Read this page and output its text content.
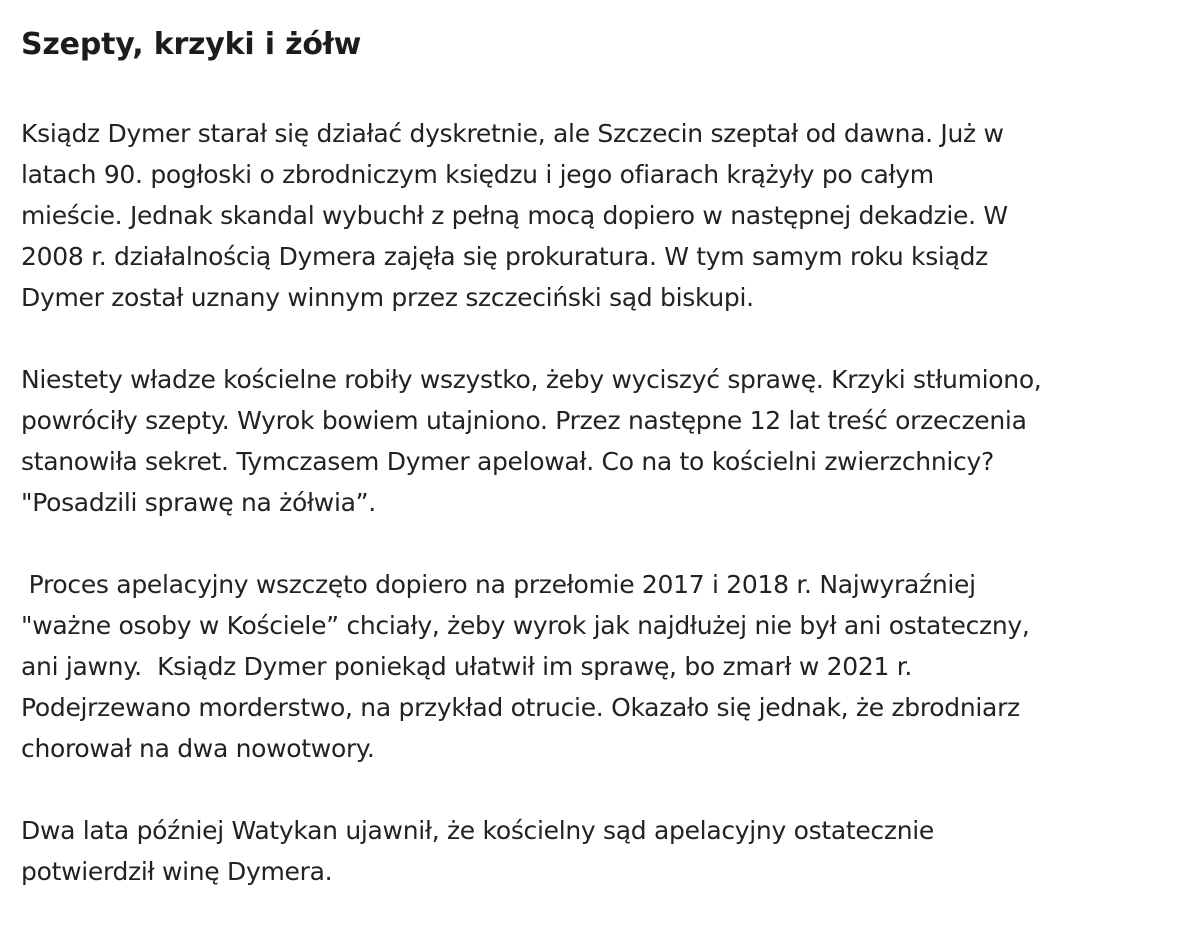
Szepty, krzyki i żółw

Ksiądz Dymer starał się działać dyskretnie, ale Szczecin szeptał od dawna. Już w
latach 90. pogłoski o zbrodniczym księdzu i jego ofiarach krążyły po całym
mieście. Jednak skandal wybuchł z pełną mocą dopiero w następnej dekadzie. W
2008 r. działalnością Dymera zajęła się prokuratura. W tym samym roku ksiądz
Dymer został uznany winnym przez szczeciński sąd biskupi.

Niestety władze kościelne robiły wszystko, żeby wyciszyć sprawę. Krzyki stłumiono,
powróciły szepty. Wyrok bowiem utajniono. Przez następne 12 lat treść orzeczenia
stanowiła sekret. Tymczasem Dymer apelował. Co na to kościelni zwierzchnicy?
"Posadzili sprawę na żółwia”.

Proces apelacyjny wszczęto dopiero na przełomie 2017 i 2018 r. Najwyraźniej
"ważne osoby w Kościele” chciały, żeby wyrok jak najdłużej nie był ani ostateczny,
ani jawny.  Ksiądz Dymer poniekąd ułatwił im sprawę, bo zmarł w 2021 r.
Podejrzewano morderstwo, na przykład otrucie. Okazało się jednak, że zbrodniarz
chorował na dwa nowotwory.

Dwa lata później Watykan ujawnił, że kościelny sąd apelacyjny ostatecznie
potwierdził winę Dymera.
